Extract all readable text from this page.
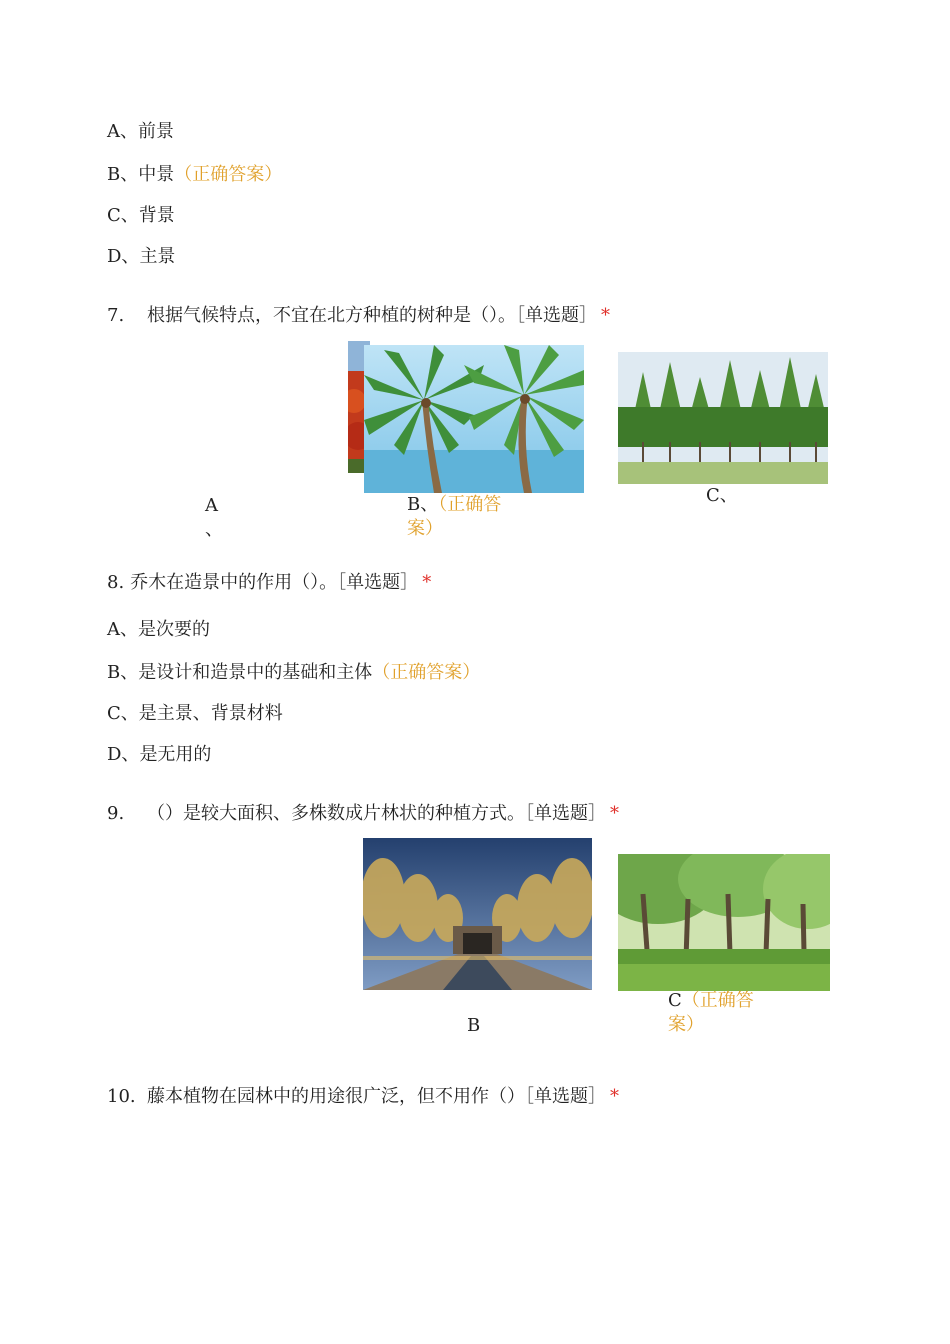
A、前景
B、中景（正确答案）
C、背景
D、主景
7. 根据气候特点，不宜在北方种植的树种是（）。［单选题］ *
A
、
B、（正确答
案）
C、
8. 乔木在造景中的作用（）。［单选题］ *
A、是次要的
B、是设计和造景中的基础和主体（正确答案）
C、是主景、背景材料
D、是无用的
9. （）是较大面积、多株数成片林状的种植方式。［单选题］ *
B
C（正确答
案）
10. 藤本植物在园林中的用途很广泛，但不用作（）［单选题］ *
